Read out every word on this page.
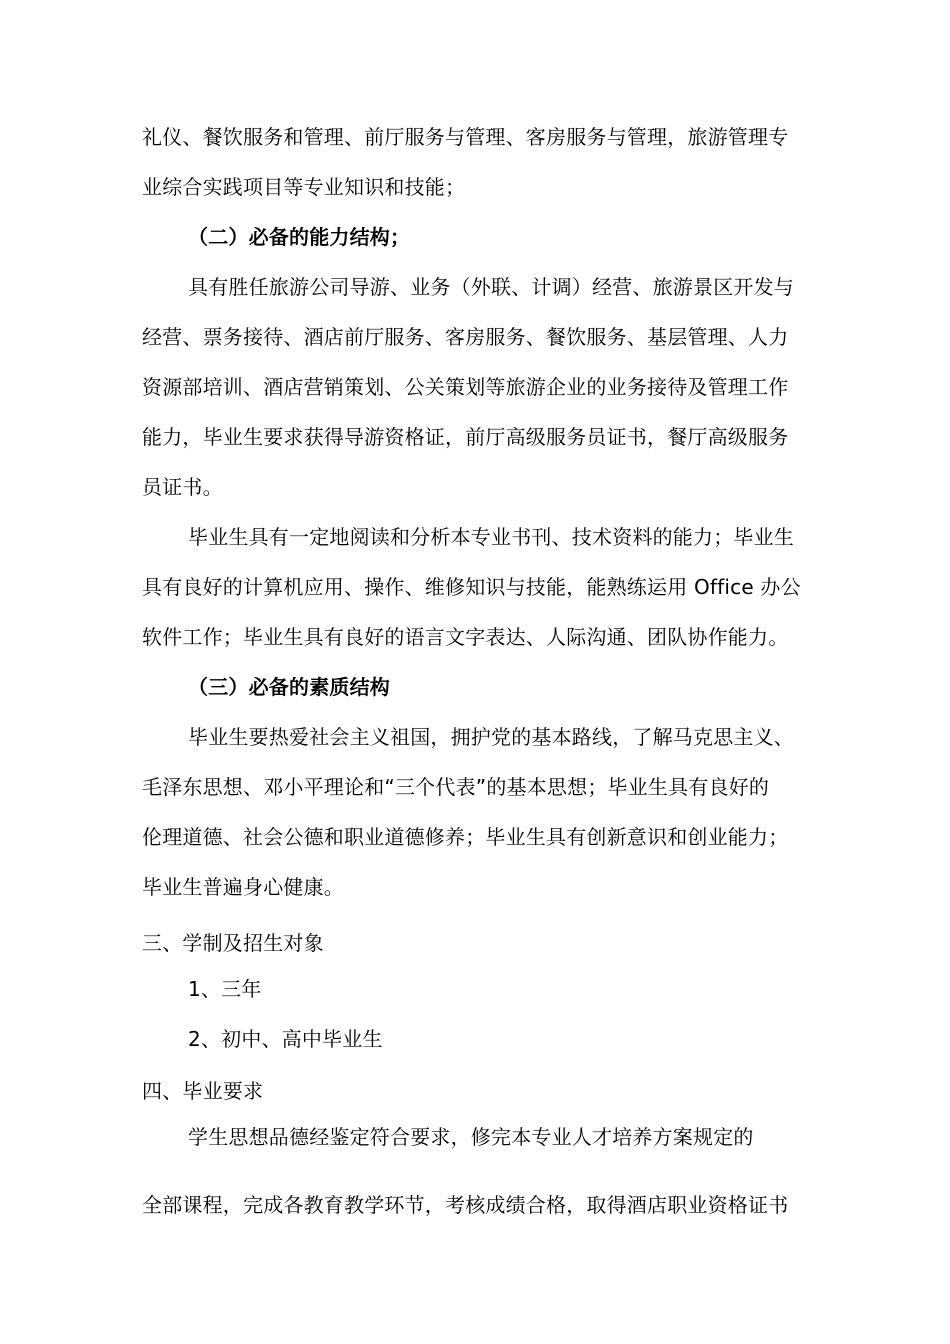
礼仪、餐饮服务和管理、前厅服务与管理、客房服务与管理，旅游管理专
业综合实践项目等专业知识和技能；
（二）必备的能力结构；
具有胜任旅游公司导游、业务（外联、计调）经营、旅游景区开发与
经营、票务接待、酒店前厅服务、客房服务、餐饮服务、基层管理、人力
资源部培训、酒店营销策划、公关策划等旅游企业的业务接待及管理工作
能力，毕业生要求获得导游资格证，前厅高级服务员证书，餐厅高级服务
员证书。
毕业生具有一定地阅读和分析本专业书刊、技术资料的能力；毕业生
具有良好的计算机应用、操作、维修知识与技能，能熟练运用 Office 办公
软件工作；毕业生具有良好的语言文字表达、人际沟通、团队协作能力。
（三）必备的素质结构
毕业生要热爱社会主义祖国，拥护党的基本路线，了解马克思主义、
毛泽东思想、邓小平理论和“三个代表”的基本思想；毕业生具有良好的
伦理道德、社会公德和职业道德修养；毕业生具有创新意识和创业能力；
毕业生普遍身心健康。
三、学制及招生对象
1、三年
2、初中、高中毕业生
四、毕业要求
学生思想品德经鉴定符合要求，修完本专业人才培养方案规定的
全部课程，完成各教育教学环节，考核成绩合格，取得酒店职业资格证书
